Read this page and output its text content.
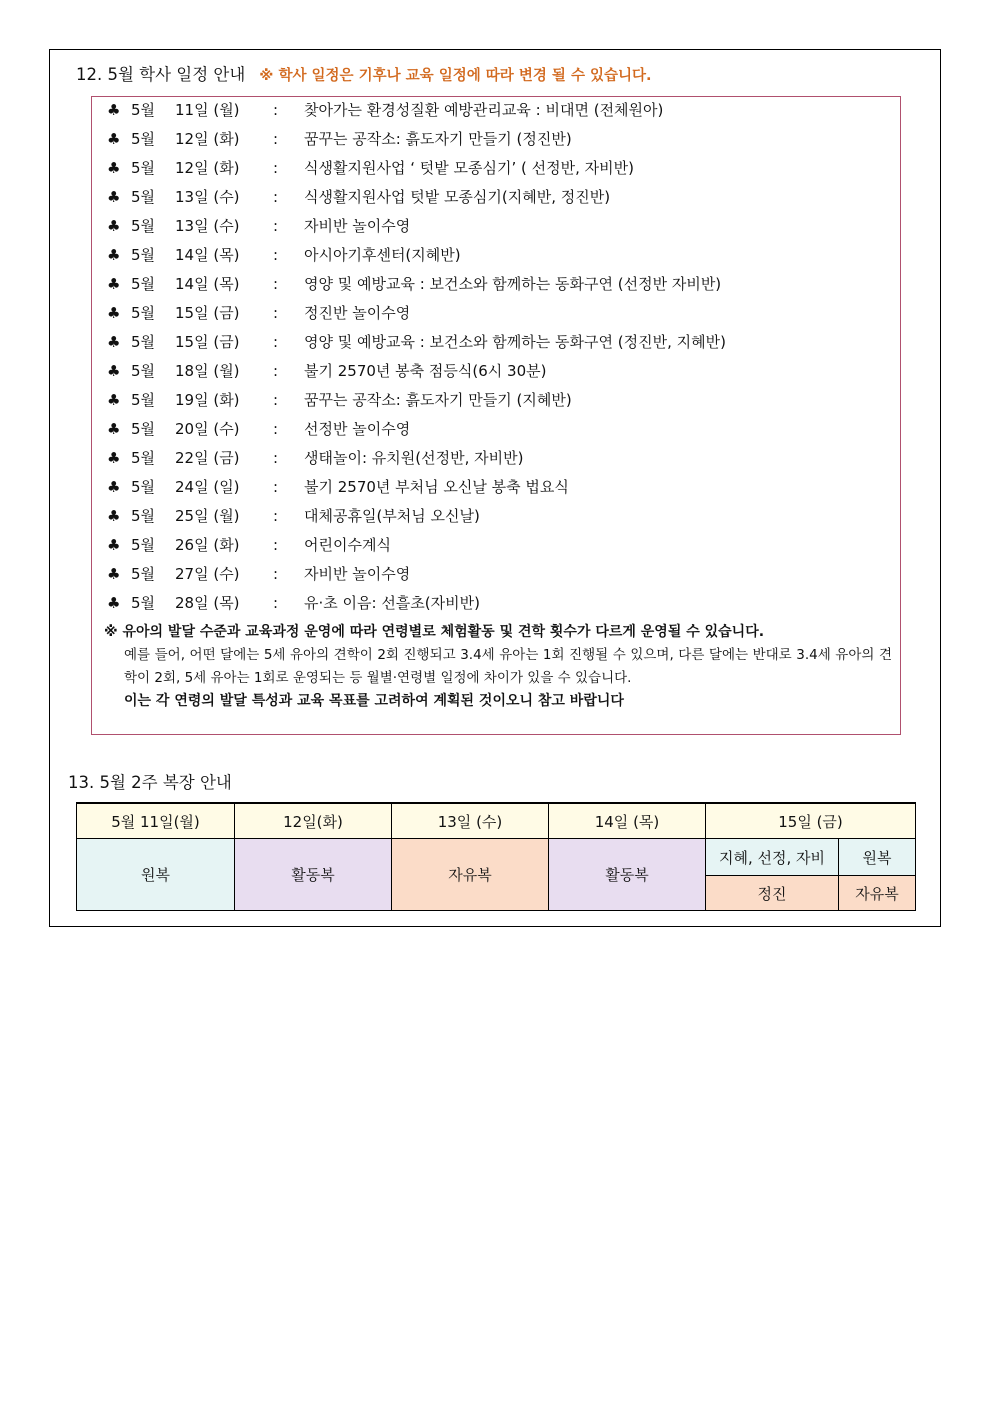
12. 5월 학사 일정 안내 ※ 학사 일정은 기후나 교육 일정에 따라 변경 될 수 있습니다.
♣ 5월 11일 (월) : 찾아가는 환경성질환 예방관리교육 : 비대면 (전체원아)
♣ 5월 12일 (화) : 꿈꾸는 공작소: 흙도자기 만들기 (정진반)
♣ 5월 12일 (화) : 식생활지원사업 ‘ 텃밭 모종심기’ ( 선정반, 자비반)
♣ 5월 13일 (수) : 식생활지원사업 텃밭 모종심기(지혜반, 정진반)
♣ 5월 13일 (수) : 자비반 놀이수영
♣ 5월 14일 (목) : 아시아기후센터(지혜반)
♣ 5월 14일 (목) : 영양 및 예방교육 : 보건소와 함께하는 동화구연 (선정반 자비반)
♣ 5월 15일 (금) : 정진반 놀이수영
♣ 5월 15일 (금) : 영양 및 예방교육 : 보건소와 함께하는 동화구연 (정진반, 지혜반)
♣ 5월 18일 (월) : 불기 2570년 봉축 점등식(6시 30분)
♣ 5월 19일 (화) : 꿈꾸는 공작소: 흙도자기 만들기 (지혜반)
♣ 5월 20일 (수) : 선정반 놀이수영
♣ 5월 22일 (금) : 생태놀이: 유치원(선정반, 자비반)
♣ 5월 24일 (일) : 불기 2570년 부처님 오신날 봉축 법요식
♣ 5월 25일 (월) : 대체공휴일(부처님 오신날)
♣ 5월 26일 (화) : 어린이수계식
♣ 5월 27일 (수) : 자비반 놀이수영
♣ 5월 28일 (목) : 유·초 이음: 선흘초(자비반)
※ 유아의 발달 수준과 교육과정 운영에 따라 연령별로 체험활동 및 견학 횟수가 다르게 운영될 수 있습니다.
예를 들어, 어떤 달에는 5세 유아의 견학이 2회 진행되고 3.4세 유아는 1회 진행될 수 있으며, 다른 달에는 반대로 3.4세 유아의 견학이 2회, 5세 유아는 1회로 운영되는 등 월별·연령별 일정에 차이가 있을 수 있습니다.
이는 각 연령의 발달 특성과 교육 목표를 고려하여 계획된 것이오니 참고 바랍니다
13. 5월 2주 복장 안내
5월 11일(월)	12일(화)	13일 (수)	14일 (목)	15일 (금)	
원복	활동복	자유복	활동복	지혜, 선정, 자비	원복
				정진	자유복
